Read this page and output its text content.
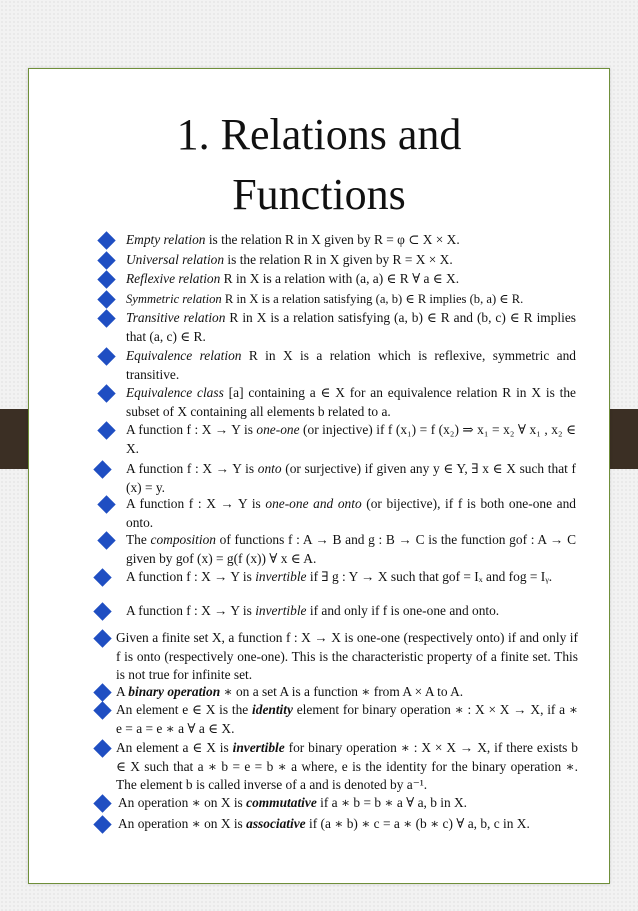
1. Relations and
Functions
Empty relation is the relation R in X given by R = φ ⊂ X × X.
Universal relation is the relation R in X given by R = X × X.
Reflexive relation R in X is a relation with (a, a) ∈ R ∀ a ∈ X.
Symmetric relation R in X is a relation satisfying (a, b) ∈ R implies (b, a) ∈ R.
Transitive relation R in X is a relation satisfying (a, b) ∈ R and (b, c) ∈ R implies that (a, c) ∈ R.
Equivalence relation R in X is a relation which is reflexive, symmetric and transitive.
Equivalence class [a] containing a ∈ X for an equivalence relation R in X is the subset of X containing all elements b related to a.
A function f : X → Y is one-one (or injective) if f (x₁) = f (x₂) ⇒ x₁ = x₂ ∀ x₁ , x₂ ∈ X.
A function f : X → Y is onto (or surjective) if given any y ∈ Y, ∃ x ∈ X such that f (x) = y.
A function f : X → Y is one-one and onto (or bijective), if f is both one-one and onto.
The composition of functions f : A → B and g : B → C is the function gof : A → C given by gof (x) = g(f (x)) ∀ x ∈ A.
A function f : X → Y is invertible if ∃ g : Y → X such that gof = Iₓ and fog = Iᵧ.
A function f : X → Y is invertible if and only if f is one-one and onto.
Given a finite set X, a function f : X → X is one-one (respectively onto) if and only if f is onto (respectively one-one). This is the characteristic property of a finite set. This is not true for infinite set.
A binary operation ∗ on a set A is a function ∗ from A × A to A.
An element e ∈ X is the identity element for binary operation ∗ : X × X → X, if a ∗ e = a = e ∗ a ∀ a ∈ X.
An element a ∈ X is invertible for binary operation ∗ : X × X → X, if there exists b ∈ X such that a ∗ b = e = b ∗ a where, e is the identity for the binary operation ∗. The element b is called inverse of a and is denoted by a⁻¹.
An operation ∗ on X is commutative if a ∗ b = b ∗ a ∀ a, b in X.
An operation ∗ on X is associative if (a ∗ b) ∗ c = a ∗ (b ∗ c) ∀ a, b, c in X.
